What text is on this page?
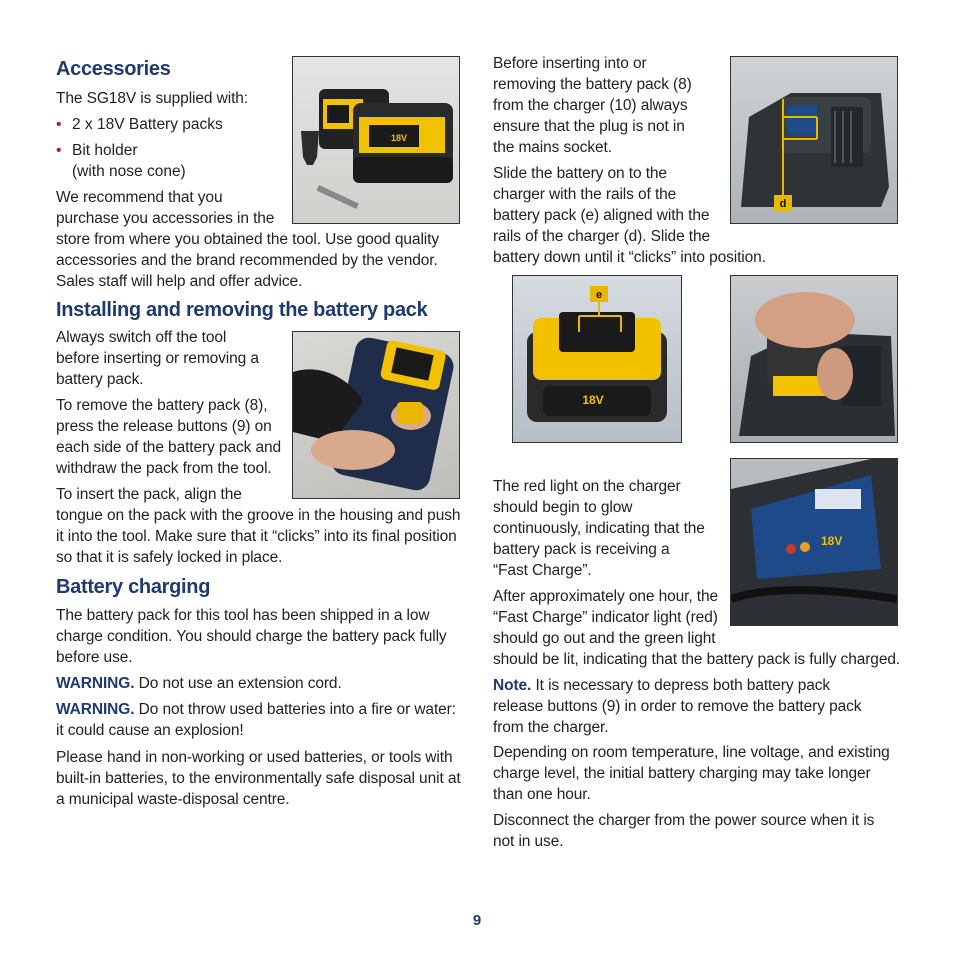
Accessories

The SG18V is supplied with:

• 2 x 18V Battery packs
• Bit holder
(with nose cone)

We recommend that you

purchase you accessories in the

store from where you obtained the tool. Use good quality

accessories and the brand recommended by the vendor.

Sales staff will help and offer advice.

18V
Installing and removing the battery pack

Always switch off the tool

before inserting or removing a

battery pack.

To remove the battery pack (8),

press the release buttons (9) on

each side of the battery pack and

withdraw the pack from the tool.

To insert the pack, align the

tongue on the pack with the groove in the housing and push

it into the tool. Make sure that it “clicks” into its final position

so that it is safely locked in place.

Battery charging

The battery pack for this tool has been shipped in a low

charge condition. You should charge the battery pack fully

before use.

WARNING. Do not use an extension cord.

WARNING. Do not throw used batteries into a fire or water:

it could cause an explosion!

Please hand in non-working or used batteries, or tools with

built-in batteries, to the environmentally safe disposal unit at

a municipal waste-disposal centre.

Before inserting into or

removing the battery pack (8)

from the charger (10) always

ensure that the plug is not in

the mains socket.

Slide the battery on to the

charger with the rails of the

battery pack (e) aligned with the

rails of the charger (d). Slide the

battery down until it “clicks” into position.

d
18V
e

The red light on the charger

should begin to glow

continuously, indicating that the

battery pack is receiving a

“Fast Charge”.

After approximately one hour, the

“Fast Charge” indicator light (red)

should go out and the green light

should be lit, indicating that the battery pack is fully charged.

18V

Note. It is necessary to depress both battery pack

release buttons (9) in order to remove the battery pack

from the charger.

Depending on room temperature, line voltage, and existing

charge level, the initial battery charging may take longer

than one hour.

Disconnect the charger from the power source when it is

not in use.

9
